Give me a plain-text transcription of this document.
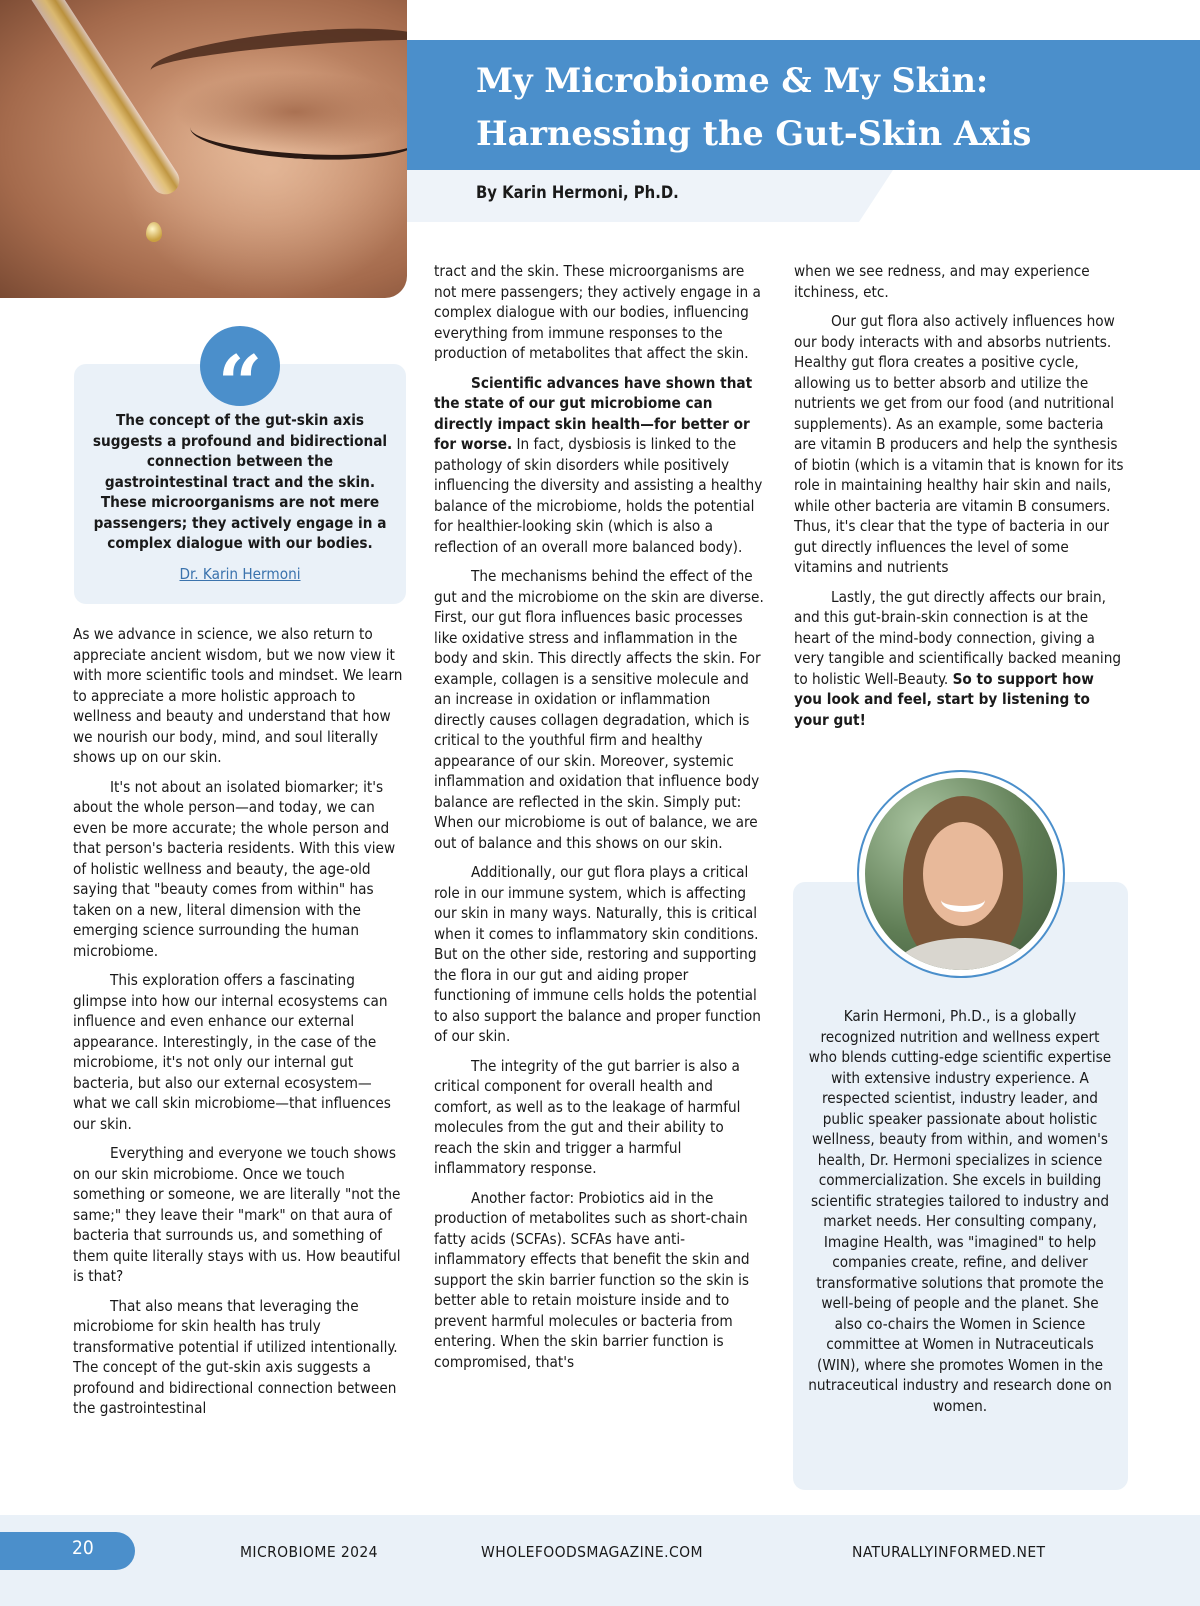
My Microbiome & My Skin: Harnessing the Gut-Skin Axis
By Karin Hermoni, Ph.D.
“

The concept of the gut-skin axis suggests a profound and bidirectional connection between the gastrointestinal tract and the skin. These microorganisms are not mere passengers; they actively engage in a complex dialogue with our bodies.

Dr. Karin Hermoni

As we advance in science, we also return to appreciate ancient wisdom, but we now view it with more scientific tools and mindset. We learn to appreciate a more holistic approach to wellness and beauty and understand that how we nourish our body, mind, and soul literally shows up on our skin.

It's not about an isolated biomarker; it's about the whole person—and today, we can even be more accurate; the whole person and that person's bacteria residents. With this view of holistic wellness and beauty, the age-old saying that "beauty comes from within" has taken on a new, literal dimension with the emerging science surrounding the human microbiome.

This exploration offers a fascinating glimpse into how our internal ecosystems can influence and even enhance our external appearance. Interestingly, in the case of the microbiome, it's not only our internal gut bacteria, but also our external ecosystem—what we call skin microbiome—that influences our skin.

Everything and everyone we touch shows on our skin microbiome. Once we touch something or someone, we are literally "not the same;" they leave their "mark" on that aura of bacteria that surrounds us, and something of them quite literally stays with us. How beautiful is that?

That also means that leveraging the microbiome for skin health has truly transformative potential if utilized intentionally. The concept of the gut-skin axis suggests a profound and bidirectional connection between the gastrointestinal

tract and the skin. These microorganisms are not mere passengers; they actively engage in a complex dialogue with our bodies, influencing everything from immune responses to the production of metabolites that affect the skin.

Scientific advances have shown that the state of our gut microbiome can directly impact skin health—for better or for worse. In fact, dysbiosis is linked to the pathology of skin disorders while positively influencing the diversity and assisting a healthy balance of the microbiome, holds the potential for healthier-looking skin (which is also a reflection of an overall more balanced body).

The mechanisms behind the effect of the gut and the microbiome on the skin are diverse. First, our gut flora influences basic processes like oxidative stress and inflammation in the body and skin. This directly affects the skin. For example, collagen is a sensitive molecule and an increase in oxidation or inflammation directly causes collagen degradation, which is critical to the youthful firm and healthy appearance of our skin. Moreover, systemic inflammation and oxidation that influence body balance are reflected in the skin. Simply put: When our microbiome is out of balance, we are out of balance and this shows on our skin.

Additionally, our gut flora plays a critical role in our immune system, which is affecting our skin in many ways. Naturally, this is critical when it comes to inflammatory skin conditions. But on the other side, restoring and supporting the flora in our gut and aiding proper functioning of immune cells holds the potential to also support the balance and proper function of our skin.

The integrity of the gut barrier is also a critical component for overall health and comfort, as well as to the leakage of harmful molecules from the gut and their ability to reach the skin and trigger a harmful inflammatory response.

Another factor: Probiotics aid in the production of metabolites such as short-chain fatty acids (SCFAs). SCFAs have anti-inflammatory effects that benefit the skin and support the skin barrier function so the skin is better able to retain moisture inside and to prevent harmful molecules or bacteria from entering. When the skin barrier function is compromised, that's

when we see redness, and may experience itchiness, etc.

Our gut flora also actively influences how our body interacts with and absorbs nutrients. Healthy gut flora creates a positive cycle, allowing us to better absorb and utilize the nutrients we get from our food (and nutritional supplements). As an example, some bacteria are vitamin B producers and help the synthesis of biotin (which is a vitamin that is known for its role in maintaining healthy hair skin and nails, while other bacteria are vitamin B consumers. Thus, it's clear that the type of bacteria in our gut directly influences the level of some vitamins and nutrients

Lastly, the gut directly affects our brain, and this gut-brain-skin connection is at the heart of the mind-body connection, giving a very tangible and scientifically backed meaning to holistic Well-Beauty. So to support how you look and feel, start by listening to your gut!

Karin Hermoni, Ph.D., is a globally recognized nutrition and wellness expert who blends cutting-edge scientific expertise with extensive industry experience. A respected scientist, industry leader, and public speaker passionate about holistic wellness, beauty from within, and women's health, Dr. Hermoni specializes in science commercialization. She excels in building scientific strategies tailored to industry and market needs. Her consulting company, Imagine Health, was "imagined" to help companies create, refine, and deliver transformative solutions that promote the well-being of people and the planet. She also co-chairs the Women in Science committee at Women in Nutraceuticals (WIN), where she promotes Women in the nutraceutical industry and research done on women.

20	MICROBIOME 2024	WHOLEFOODSMAGAZINE.COM	NATURALLYINFORMED.NET
